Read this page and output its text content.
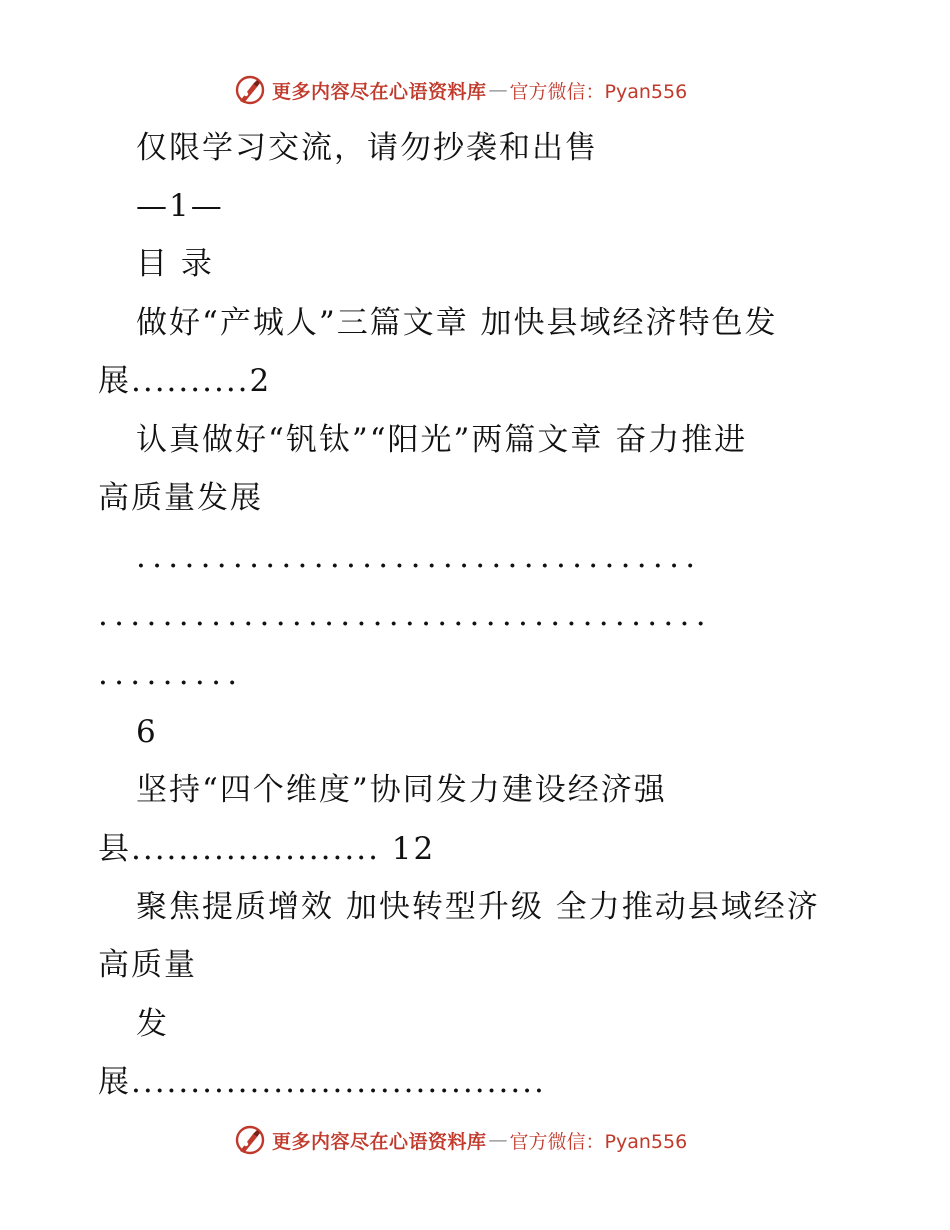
更多内容尽在心语资料库 — 官方微信：Pyan556
仅限学习交流，请勿抄袭和出售
—1—
目 录
做好“产城人”三篇文章 加快县域经济特色发
展..........2
认真做好“钒钛”“阳光”两篇文章 奋力推进
高质量发展
...................................
......................................
.........
6
坚持“四个维度”协同发力建设经济强
县..................... 12
聚焦提质增效 加快转型升级 全力推动县域经济
高质量
发
展...................................
更多内容尽在心语资料库 — 官方微信：Pyan556
